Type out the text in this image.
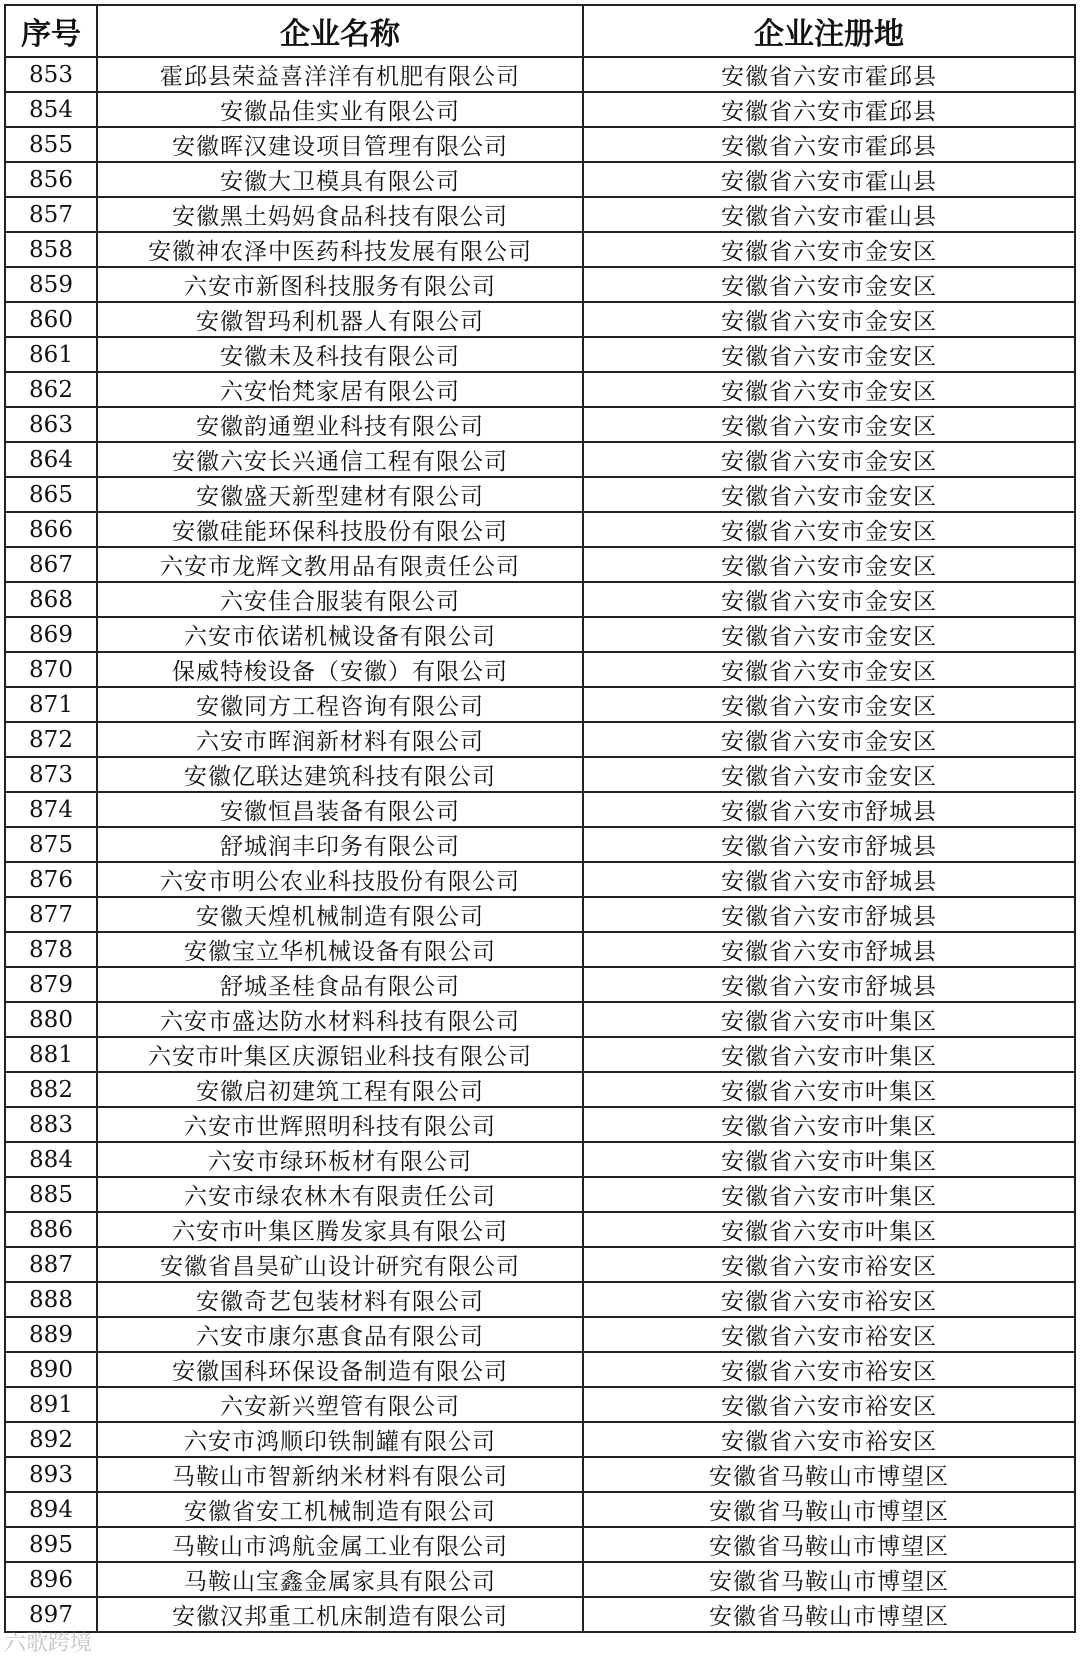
序号	企业名称	企业注册地
853	霍邱县荣益喜洋洋有机肥有限公司	安徽省六安市霍邱县
854	安徽品佳实业有限公司	安徽省六安市霍邱县
855	安徽晖汉建设项目管理有限公司	安徽省六安市霍邱县
856	安徽大卫模具有限公司	安徽省六安市霍山县
857	安徽黑土妈妈食品科技有限公司	安徽省六安市霍山县
858	安徽神农泽中医药科技发展有限公司	安徽省六安市金安区
859	六安市新图科技服务有限公司	安徽省六安市金安区
860	安徽智玛利机器人有限公司	安徽省六安市金安区
861	安徽未及科技有限公司	安徽省六安市金安区
862	六安怡梵家居有限公司	安徽省六安市金安区
863	安徽韵通塑业科技有限公司	安徽省六安市金安区
864	安徽六安长兴通信工程有限公司	安徽省六安市金安区
865	安徽盛天新型建材有限公司	安徽省六安市金安区
866	安徽硅能环保科技股份有限公司	安徽省六安市金安区
867	六安市龙辉文教用品有限责任公司	安徽省六安市金安区
868	六安佳合服装有限公司	安徽省六安市金安区
869	六安市依诺机械设备有限公司	安徽省六安市金安区
870	保威特梭设备（安徽）有限公司	安徽省六安市金安区
871	安徽同方工程咨询有限公司	安徽省六安市金安区
872	六安市晖润新材料有限公司	安徽省六安市金安区
873	安徽亿联达建筑科技有限公司	安徽省六安市金安区
874	安徽恒昌装备有限公司	安徽省六安市舒城县
875	舒城润丰印务有限公司	安徽省六安市舒城县
876	六安市明公农业科技股份有限公司	安徽省六安市舒城县
877	安徽天煌机械制造有限公司	安徽省六安市舒城县
878	安徽宝立华机械设备有限公司	安徽省六安市舒城县
879	舒城圣桂食品有限公司	安徽省六安市舒城县
880	六安市盛达防水材料科技有限公司	安徽省六安市叶集区
881	六安市叶集区庆源铝业科技有限公司	安徽省六安市叶集区
882	安徽启初建筑工程有限公司	安徽省六安市叶集区
883	六安市世辉照明科技有限公司	安徽省六安市叶集区
884	六安市绿环板材有限公司	安徽省六安市叶集区
885	六安市绿农林木有限责任公司	安徽省六安市叶集区
886	六安市叶集区腾发家具有限公司	安徽省六安市叶集区
887	安徽省昌昊矿山设计研究有限公司	安徽省六安市裕安区
888	安徽奇艺包装材料有限公司	安徽省六安市裕安区
889	六安市康尔惠食品有限公司	安徽省六安市裕安区
890	安徽国科环保设备制造有限公司	安徽省六安市裕安区
891	六安新兴塑管有限公司	安徽省六安市裕安区
892	六安市鸿顺印铁制罐有限公司	安徽省六安市裕安区
893	马鞍山市智新纳米材料有限公司	安徽省马鞍山市博望区
894	安徽省安工机械制造有限公司	安徽省马鞍山市博望区
895	马鞍山市鸿航金属工业有限公司	安徽省马鞍山市博望区
896	马鞍山宝鑫金属家具有限公司	安徽省马鞍山市博望区
897	安徽汉邦重工机床制造有限公司	安徽省马鞍山市博望区
六歌跨境
